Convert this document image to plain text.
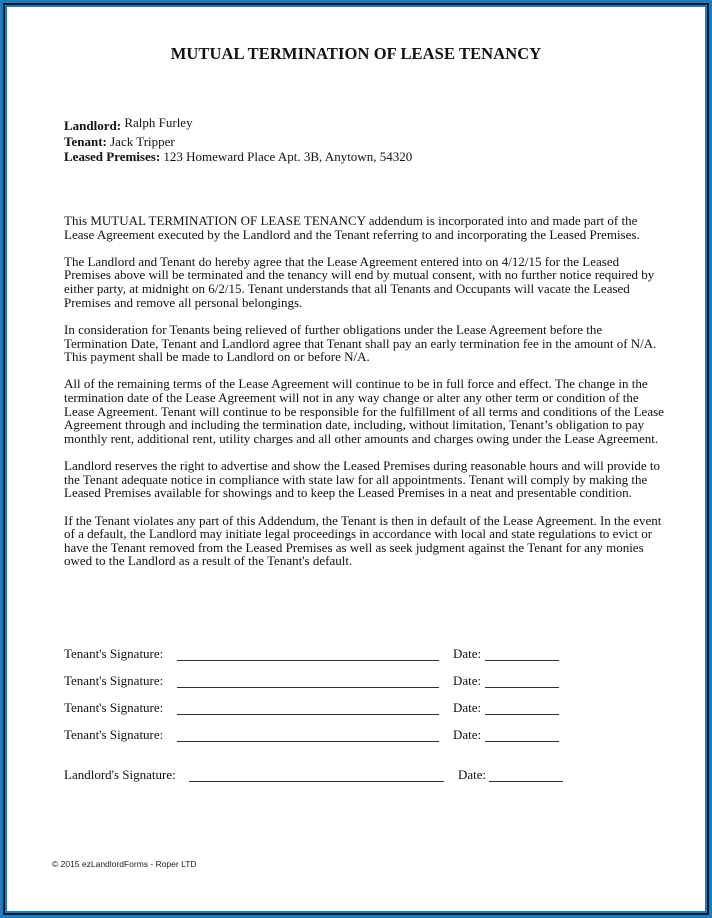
MUTUAL TERMINATION OF LEASE TENANCY
Landlord: Ralph Furley
Tenant: Jack Tripper
Leased Premises: 123 Homeward Place Apt. 3B, Anytown, 54320

This MUTUAL TERMINATION OF LEASE TENANCY addendum is incorporated into and made part of the Lease Agreement executed by the Landlord and the Tenant referring to and incorporating the Leased Premises.

The Landlord and Tenant do hereby agree that the Lease Agreement entered into on 4/12/15 for the Leased Premises above will be terminated and the tenancy will end by mutual consent, with no further notice required by either party, at midnight on 6/2/15. Tenant understands that all Tenants and Occupants will vacate the Leased Premises and remove all personal belongings.

In consideration for Tenants being relieved of further obligations under the Lease Agreement before the Termination Date, Tenant and Landlord agree that Tenant shall pay an early termination fee in the amount of N/A. This payment shall be made to Landlord on or before N/A.

All of the remaining terms of the Lease Agreement will continue to be in full force and effect. The change in the termination date of the Lease Agreement will not in any way change or alter any other term or condition of the Lease Agreement. Tenant will continue to be responsible for the fulfillment of all terms and conditions of the Lease Agreement through and including the termination date, including, without limitation, Tenant’s obligation to pay monthly rent, additional rent, utility charges and all other amounts and charges owing under the Lease Agreement.

Landlord reserves the right to advertise and show the Leased Premises during reasonable hours and will provide to the Tenant adequate notice in compliance with state law for all appointments. Tenant will comply by making the Leased Premises available for showings and to keep the Leased Premises in a neat and presentable condition.

If the Tenant violates any part of this Addendum, the Tenant is then in default of the Lease Agreement. In the event of a default, the Landlord may initiate legal proceedings in accordance with local and state regulations to evict or have the Tenant removed from the Leased Premises as well as seek judgment against the Tenant for any monies owed to the Landlord as a result of the Tenant's default.

Tenant's Signature:	Date:
Tenant's Signature:	Date:
Tenant's Signature:	Date:
Tenant's Signature:	Date:
Landlord's Signature:	Date:
© 2015 ezLandlordForms - Roper LTD
